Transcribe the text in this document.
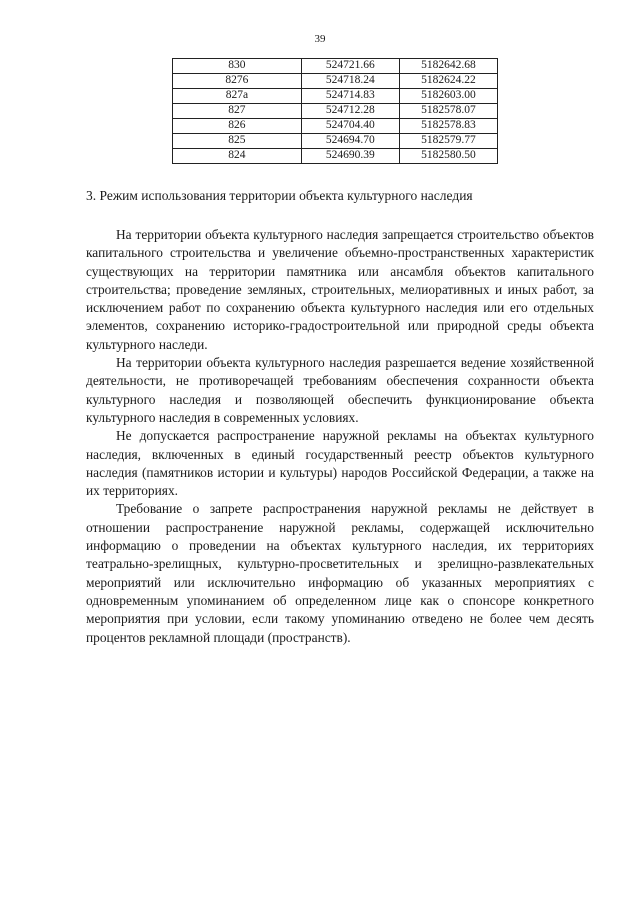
39
830	524721.66	5182642.68
8276	524718.24	5182624.22
827a	524714.83	5182603.00
827	524712.28	5182578.07
826	524704.40	5182578.83
825	524694.70	5182579.77
824	524690.39	5182580.50
3. Режим использования территории объекта культурного наследия

На территории объекта культурного наследия запрещается строительство объектов капитального строительства и увеличение объемно-пространственных характеристик существующих на территории памятника или ансамбля объектов капитального строительства; проведение земляных, строительных, мелиоративных и иных работ, за исключением работ по сохранению объекта культурного наследия или его отдельных элементов, сохранению историко-градостроительной или природной среды объекта культурного наследи.

На территории объекта культурного наследия разрешается ведение хозяйственной деятельности, не противоречащей требованиям обеспечения сохранности объекта культурного наследия и позволяющей обеспечить функционирование объекта культурного наследия в современных условиях.

Не допускается распространение наружной рекламы на объектах культурного наследия, включенных в единый государственный реестр объектов культурного наследия (памятников истории и культуры) народов Российской Федерации, а также на их территориях.

Требование о запрете распространения наружной рекламы не действует в отношении распространение наружной рекламы, содержащей исключительно информацию о проведении на объектах культурного наследия, их территориях театрально-зрелищных, культурно-просветительных и зрелищно-развлекательных мероприятий или исключительно информацию об указанных мероприятиях с одновременным упоминанием об определенном лице как о спонсоре конкретного мероприятия при условии, если такому упоминанию отведено не более чем десять процентов рекламной площади (пространств).
